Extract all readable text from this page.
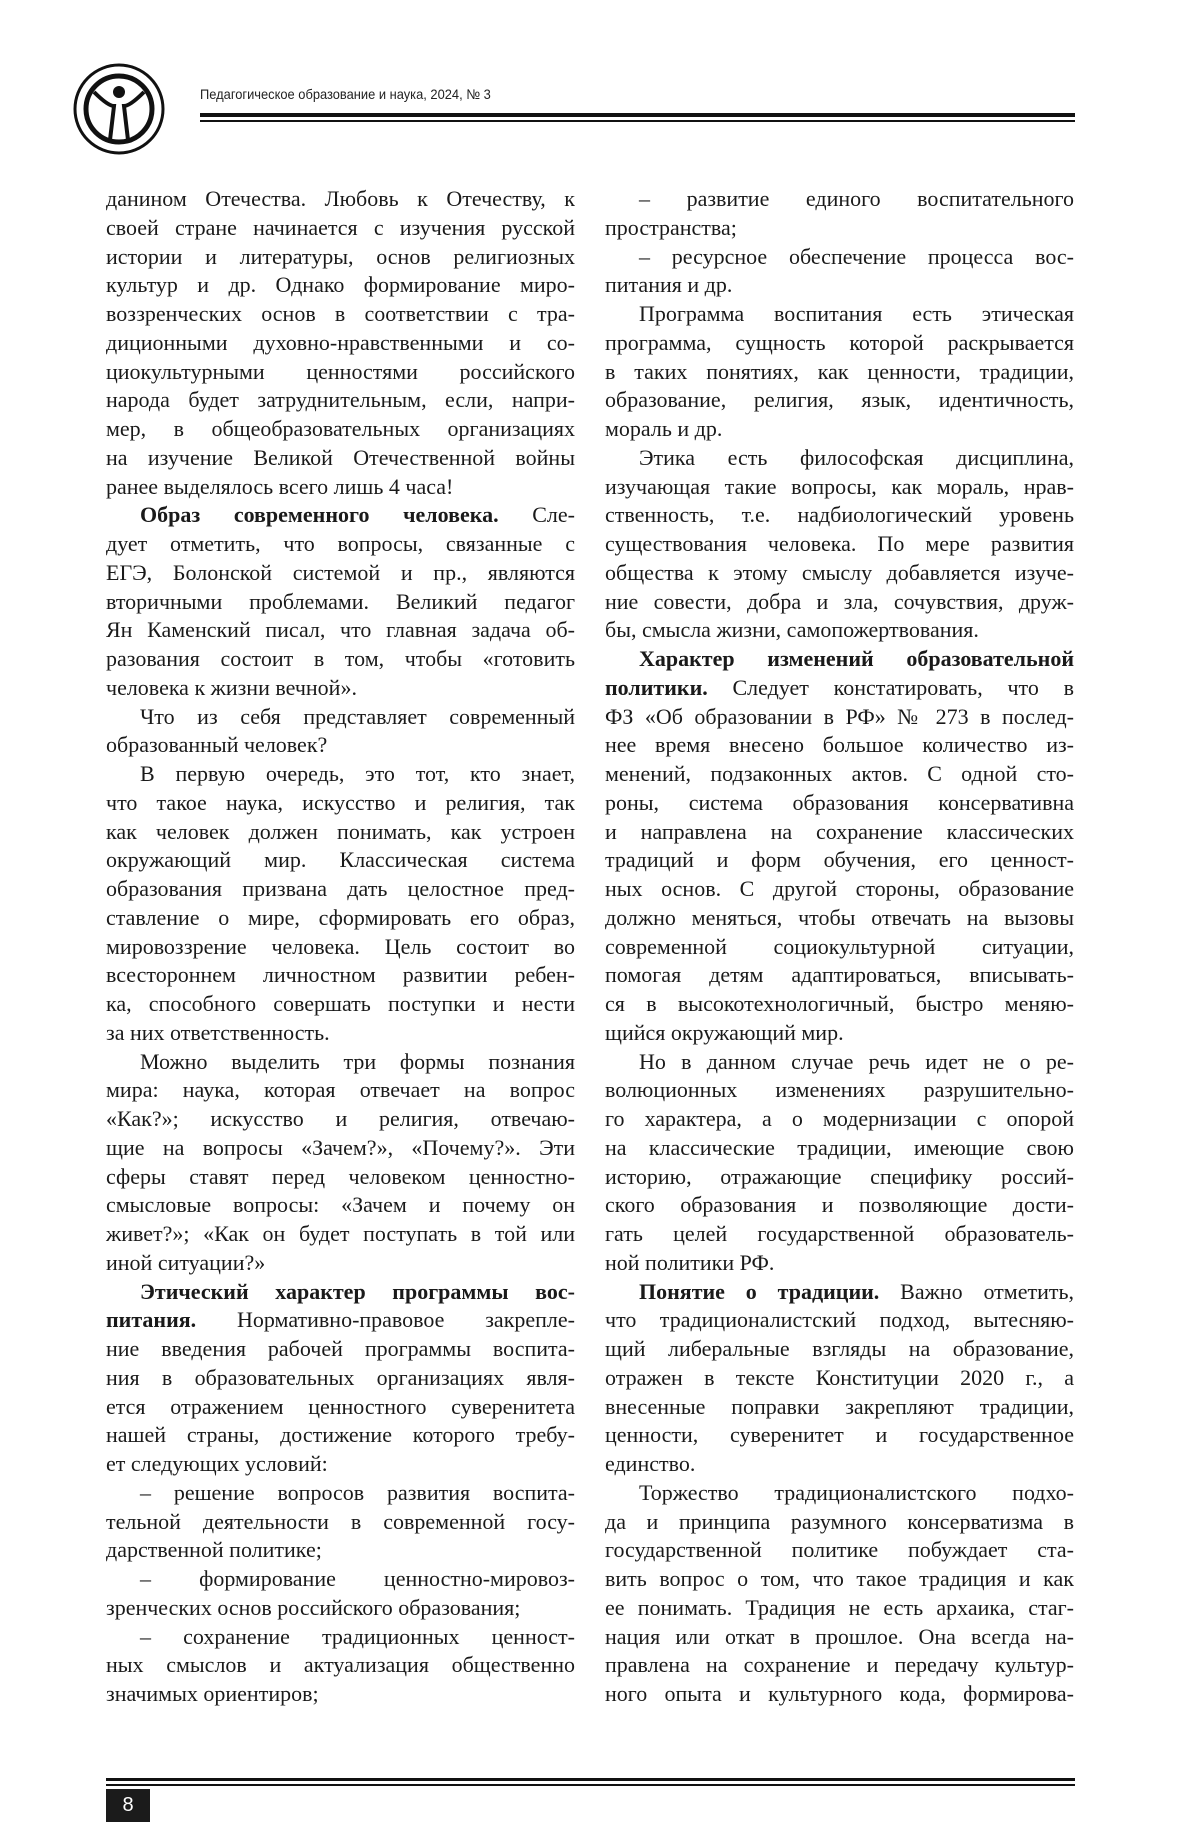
Педагогическое образование и наука, 2024, № 3
данином Отечества. Любовь к Отечеству, к
своей стране начинается с изучения русской
истории и литературы, основ религиозных
культур и др. Однако формирование миро-
воззренческих основ в соответствии с тра-
диционными духовно-нравственными и со-
циокультурными ценностями российского
народа будет затруднительным, если, напри-
мер, в общеобразовательных организациях
на изучение Великой Отечественной войны
ранее выделялось всего лишь 4 часа!
Образ современного человека. Сле-
дует отметить, что вопросы, связанные с
ЕГЭ, Болонской системой и пр., являются
вторичными проблемами. Великий педагог
Ян Каменский писал, что главная задача об-
разования состоит в том, чтобы «готовить
человека к жизни вечной».
Что из себя представляет современный
образованный человек?
В первую очередь, это тот, кто знает,
что такое наука, искусство и религия, так
как человек должен понимать, как устроен
окружающий мир. Классическая система
образования призвана дать целостное пред-
ставление о мире, сформировать его образ,
мировоззрение человека. Цель состоит во
всестороннем личностном развитии ребен-
ка, способного совершать поступки и нести
за них ответственность.
Можно выделить три формы познания
мира: наука, которая отвечает на вопрос
«Как?»; искусство и религия, отвечаю-
щие на вопросы «Зачем?», «Почему?». Эти
сферы ставят перед человеком ценностно-
смысловые вопросы: «Зачем и почему он
живет?»; «Как он будет поступать в той или
иной ситуации?»
Этический характер программы вос-
питания. Нормативно-правовое закрепле-
ние введения рабочей программы воспита-
ния в образовательных организациях явля-
ется отражением ценностного суверенитета
нашей страны, достижение которого требу-
ет следующих условий:
– решение вопросов развития воспита-
тельной деятельности в современной госу-
дарственной политике;
– формирование ценностно-мировоз-
зренческих основ российского образования;
– сохранение традиционных ценност-
ных смыслов и актуализация общественно
значимых ориентиров;
– развитие единого воспитательного
пространства;
– ресурсное обеспечение процесса вос-
питания и др.
Программа воспитания есть этическая
программа, сущность которой раскрывается
в таких понятиях, как ценности, традиции,
образование, религия, язык, идентичность,
мораль и др.
Этика есть философская дисциплина,
изучающая такие вопросы, как мораль, нрав-
ственность, т.е. надбиологический уровень
существования человека. По мере развития
общества к этому смыслу добавляется изуче-
ние совести, добра и зла, сочувствия, друж-
бы, смысла жизни, самопожертвования.
Характер изменений образовательной
политики. Следует констатировать, что в
ФЗ «Об образовании в РФ» № 273 в послед-
нее время внесено большое количество из-
менений, подзаконных актов. С одной сто-
роны, система образования консервативна
и направлена на сохранение классических
традиций и форм обучения, его ценност-
ных основ. С другой стороны, образование
должно меняться, чтобы отвечать на вызовы
современной социокультурной ситуации,
помогая детям адаптироваться, вписывать-
ся в высокотехнологичный, быстро меняю-
щийся окружающий мир.
Но в данном случае речь идет не о ре-
волюционных изменениях разрушительно-
го характера, а о модернизации с опорой
на классические традиции, имеющие свою
историю, отражающие специфику россий-
ского образования и позволяющие дости-
гать целей государственной образователь-
ной политики РФ.
Понятие о традиции. Важно отметить,
что традиционалистский подход, вытесняю-
щий либеральные взгляды на образование,
отражен в тексте Конституции 2020 г., а
внесенные поправки закрепляют традиции,
ценности, суверенитет и государственное
единство.
Торжество традиционалистского подхо-
да и принципа разумного консерватизма в
государственной политике побуждает ста-
вить вопрос о том, что такое традиция и как
ее понимать. Традиция не есть архаика, стаг-
нация или откат в прошлое. Она всегда на-
правлена на сохранение и передачу культур-
ного опыта и культурного кода, формирова-
8
